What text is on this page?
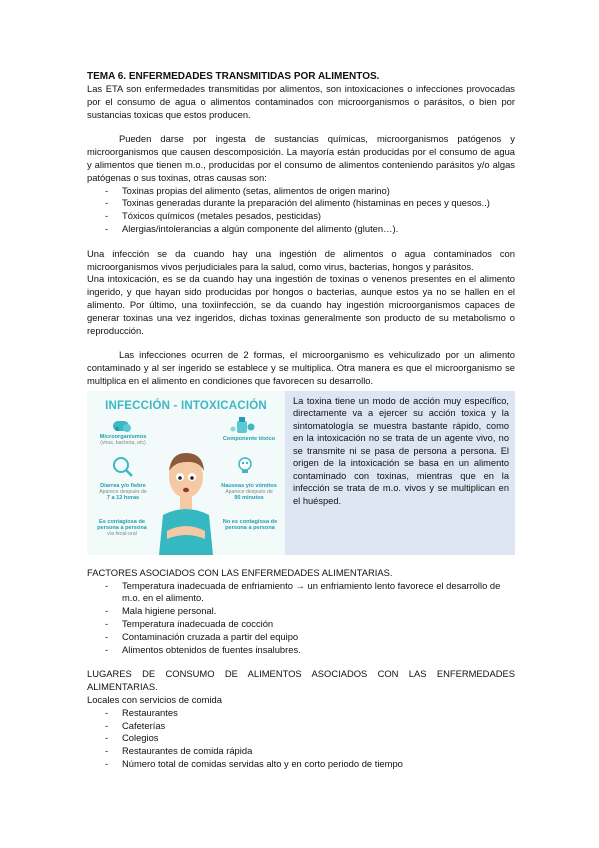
TEMA 6. ENFERMEDADES TRANSMITIDAS POR ALIMENTOS.

Las ETA son enfermedades transmitidas por alimentos, son intoxicaciones o infecciones provocadas por el consumo de agua o alimentos contaminados con microorganismos o parásitos, o bien por sustancias toxicas que estos producen.

Pueden darse por ingesta de sustancias químicas, microorganismos patógenos y microorganismos que causen descomposición. La mayoría están producidas por el consumo de agua y alimentos que tienen m.o., producidas por el consumo de alimentos conteniendo parásitos y/o algas patógenas o sus toxinas, otras causas son:

- Toxinas propias del alimento (setas, alimentos de origen marino)
- Toxinas generadas durante la preparación del alimento (histaminas en peces y quesos..)
- Tóxicos químicos (metales pesados, pesticidas)
- Alergias/intolerancias a algún componente del alimento (gluten…).

Una infección se da cuando hay una ingestión de alimentos o agua contaminados con microorganismos vivos perjudiciales para la salud, como virus, bacterias, hongos y parásitos.

Una intoxicación, es se da cuando hay una ingestión de toxinas o venenos presentes en el alimento ingerido, y que hayan sido producidas por hongos o bacterias, aunque estos ya no se hallen en el alimento. Por último, una toxiinfección, se da cuando hay ingestión microorganismos capaces de generar toxinas una vez ingeridos, dichas toxinas generalmente son producto de su metabolismo o reproducción.

Las infecciones ocurren de 2 formas, el microorganismo es vehiculizado por un alimento contaminado y al ser ingerido se establece y se multiplica. Otra manera es que el microorganismo se multiplica en el alimento en condiciones que favorecen su desarrollo.

INFECCIÓN - INTOXICACIÓN
Microorganismos
(virus, bacteria, etc)
Componente tóxico
Diarrea y/o fiebre
Aparece después de
7 a 12 horas
Nauseas y/o vómitos
Aparece después de
90 minutos
Es contagiosa de persona a persona
vía fecal-oral
No es contagiosa de persona a persona

La toxina tiene un modo de acción muy específico, directamente va a ejercer su acción toxica y la sintomatología se muestra bastante rápido, como en la intoxicación no se trata de un agente vivo, no se transmite ni se pasa de persona a persona. El origen de la intoxicación se basa en un alimento contaminado con toxinas, mientras que en la infección se trata de m.o. vivos y se multiplican en el huésped.

FACTORES ASOCIADOS CON LAS ENFERMEDADES ALIMENTARIAS.

- Temperatura inadecuada de enfriamiento → un enfriamiento lento favorece el desarrollo de m.o. en el alimento.
- Mala higiene personal.
- Temperatura inadecuada de cocción
- Contaminación cruzada a partir del equipo
- Alimentos obtenidos de fuentes insalubres.

LUGARES DE CONSUMO DE ALIMENTOS ASOCIADOS CON LAS ENFERMEDADES ALIMENTARIAS.

Locales con servicios de comida

- Restaurantes
- Cafeterías
- Colegios
- Restaurantes de comida rápida
- Número total de comidas servidas alto y en corto periodo de tiempo
